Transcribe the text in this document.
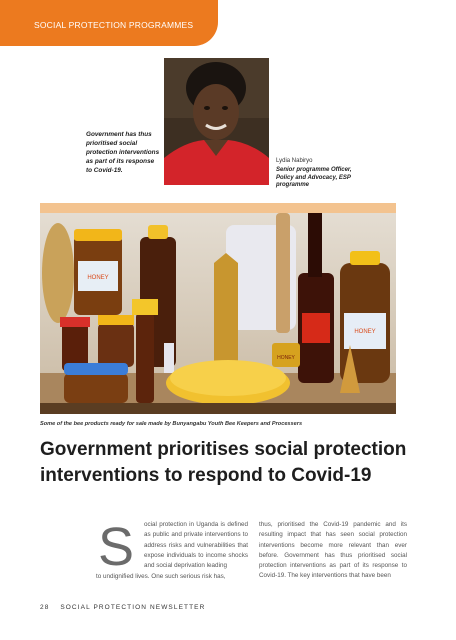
SOCIAL PROTECTION PROGRAMMES
Government has thus prioritised social protection interventions as part of its response to Covid-19.
Lydia Nabiryo
Senior programme Officer, Policy and Advocacy, ESP programme
HONEY
HONEY
HONEY
Some of the bee products ready for sale made by Bunyangabu Youth Bee Keepers and Processers
Government prioritises social protection interventions to respond to Covid-19
S ocial protection in Uganda is defined as public and private interventions to address risks and vulnerabilities that expose individuals to income shocks and social deprivation leading

to undignified lives. One such serious risk has,

thus, prioritised the Covid-19 pandemic and its resulting impact that has seen social protection interventions become more relevant than ever before. Government has thus prioritised social protection interventions as part of its response to Covid-19. The key interventions that have been

28 SOCIAL PROTECTION NEWSLETTER
